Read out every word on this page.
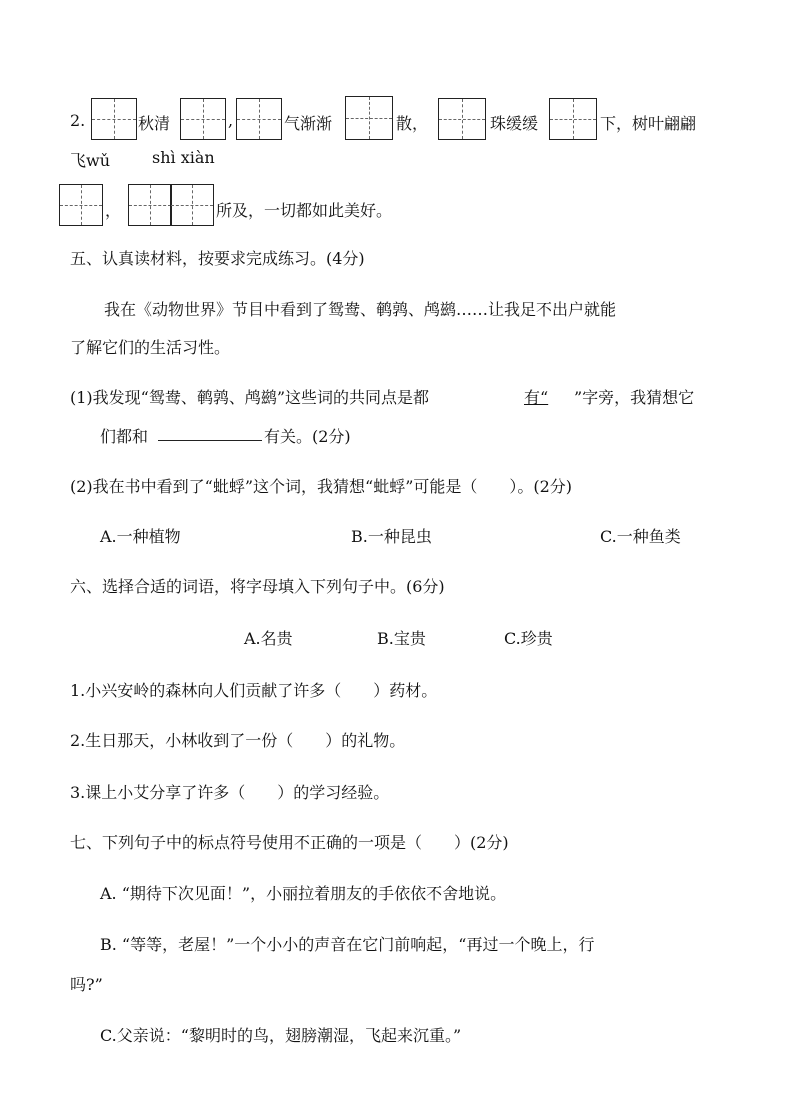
2.	秋清	,	气渐渐	散，	珠缓缓	下，树叶翩翩
飞wǔ	shì xiàn
，	所及，一切都如此美好。
五、认真读材料，按要求完成练习。(4分)
我在《动物世界》节目中看到了鸳鸯、鹌鹑、鸬鹚……让我足不出户就能
了解它们的生活习性。
(1)我发现“鸳鸯、鹌鹑、鸬鹚”这些词的共同点是都	有“	”字旁，我猜想它
们都和	有关。(2分)
(2)我在书中看到了“蚍蜉”这个词，我猜想“蚍蜉”可能是（　　）。(2分)
A.一种植物	B.一种昆虫	C.一种鱼类
六、选择合适的词语，将字母填入下列句子中。(6分)
A.名贵	B.宝贵	C.珍贵
1.小兴安岭的森林向人们贡献了许多（　　）药材。
2.生日那天，小林收到了一份（　　）的礼物。
3.课上小艾分享了许多（　　）的学习经验。
七、下列句子中的标点符号使用不正确的一项是（　　）(2分)
A. “期待下次见面！”，小丽拉着朋友的手依依不舍地说。
B. “等等，老屋！”一个小小的声音在它门前响起，“再过一个晚上，行
吗?”
C.父亲说：“黎明时的鸟，翅膀潮湿，飞起来沉重。”
